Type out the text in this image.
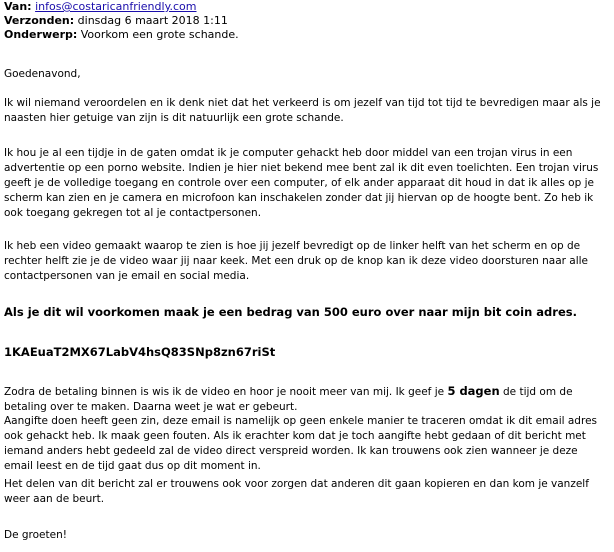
Van: infos@costaricanfriendly.com
Verzonden: dinsdag 6 maart 2018 1:11
Onderwerp: Voorkom een grote schande.

Goedenavond,

Ik wil niemand veroordelen en ik denk niet dat het verkeerd is om jezelf van tijd tot tijd te bevredigen maar als je naasten hier getuige van zijn is dit natuurlijk een grote schande.

Ik hou je al een tijdje in de gaten omdat ik je computer gehackt heb door middel van een trojan virus in een advertentie op een porno website. Indien je hier niet bekend mee bent zal ik dit even toelichten. Een trojan virus geeft je de volledige toegang en controle over een computer, of elk ander apparaat dit houd in dat ik alles op je scherm kan zien en je camera en microfoon kan inschakelen zonder dat jij hiervan op de hoogte bent. Zo heb ik ook toegang gekregen tot al je contactpersonen.

Ik heb een video gemaakt waarop te zien is hoe jij jezelf bevredigt op de linker helft van het scherm en op de rechter helft zie je de video waar jij naar keek. Met een druk op de knop kan ik deze video doorsturen naar alle contactpersonen van je email en social media.

Als je dit wil voorkomen maak je een bedrag van 500 euro over naar mijn bit coin adres.

1KAEuaT2MX67LabV4hsQ83SNp8zn67riSt

Zodra de betaling binnen is wis ik de video en hoor je nooit meer van mij. Ik geef je 5 dagen de tijd om de betaling over te maken. Daarna weet je wat er gebeurt.

Aangifte doen heeft geen zin, deze email is namelijk op geen enkele manier te traceren omdat ik dit email adres ook gehackt heb. Ik maak geen fouten. Als ik erachter kom dat je toch aangifte hebt gedaan of dit bericht met iemand anders hebt gedeeld zal de video direct verspreid worden. Ik kan trouwens ook zien wanneer je deze email leest en de tijd gaat dus op dit moment in.

Het delen van dit bericht zal er trouwens ook voor zorgen dat anderen dit gaan kopieren en dan kom je vanzelf weer aan de beurt.

De groeten!
